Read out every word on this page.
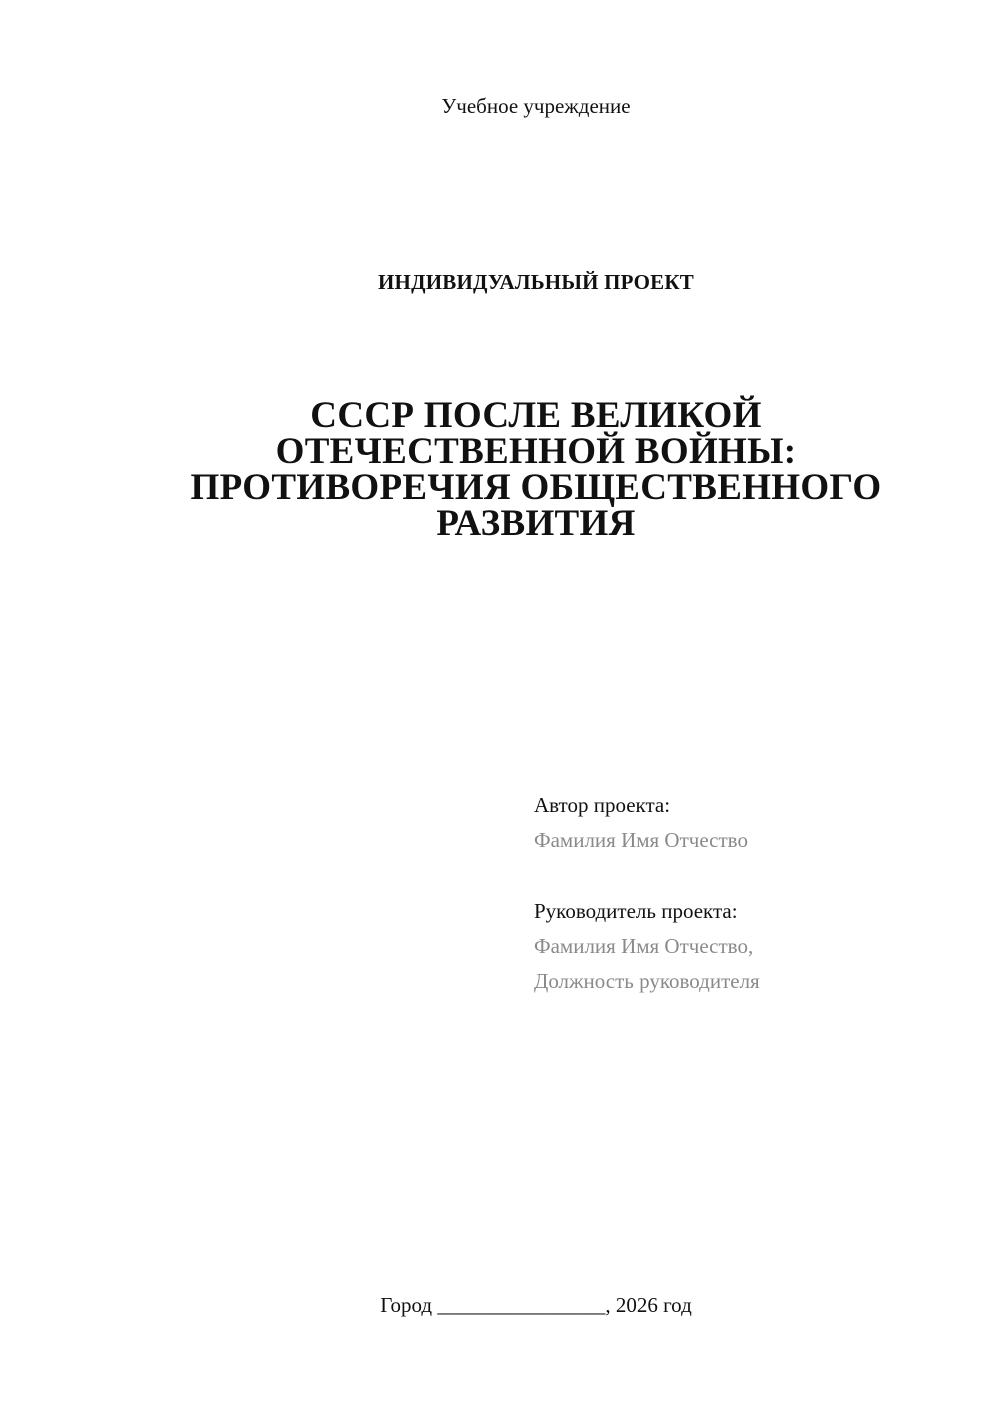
Учебное учреждение
ИНДИВИДУАЛЬНЫЙ ПРОЕКТ
СССР ПОСЛЕ ВЕЛИКОЙ
ОТЕЧЕСТВЕННОЙ ВОЙНЫ:
ПРОТИВОРЕЧИЯ ОБЩЕСТВЕННОГО
РАЗВИТИЯ
Автор проекта:
Фамилия Имя Отчество
Руководитель проекта:
Фамилия Имя Отчество,
Должность руководителя
Город ________________, 2026 год
